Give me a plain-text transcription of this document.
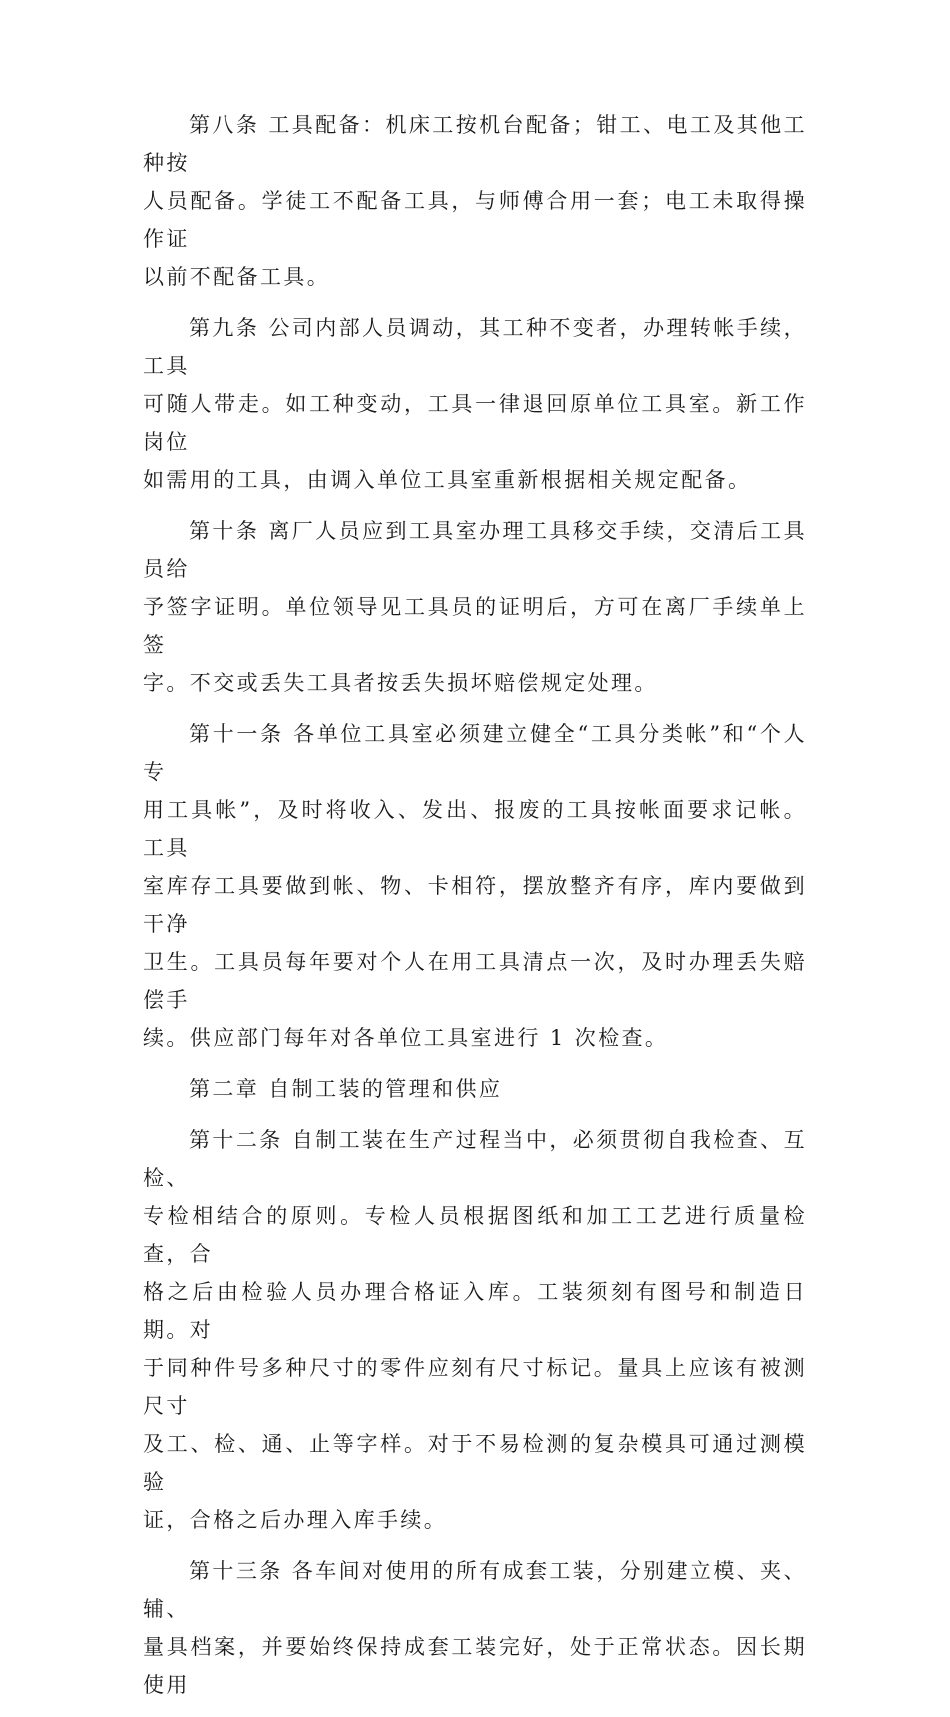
第八条 工具配备：机床工按机台配备；钳工、电工及其他工种按
人员配备。学徒工不配备工具，与师傅合用一套；电工未取得操作证
以前不配备工具。

第九条 公司内部人员调动，其工种不变者，办理转帐手续，工具
可随人带走。如工种变动，工具一律退回原单位工具室。新工作岗位
如需用的工具，由调入单位工具室重新根据相关规定配备。

第十条 离厂人员应到工具室办理工具移交手续，交清后工具员给
予签字证明。单位领导见工具员的证明后，方可在离厂手续单上签
字。不交或丢失工具者按丢失损坏赔偿规定处理。

第十一条 各单位工具室必须建立健全“工具分类帐”和“个人专
用工具帐”，及时将收入、发出、报废的工具按帐面要求记帐。工具
室库存工具要做到帐、物、卡相符，摆放整齐有序，库内要做到干净
卫生。工具员每年要对个人在用工具清点一次，及时办理丢失赔偿手
续。供应部门每年对各单位工具室进行 1 次检查。

第二章 自制工装的管理和供应

第十二条 自制工装在生产过程当中，必须贯彻自我检查、互检、
专检相结合的原则。专检人员根据图纸和加工工艺进行质量检查，合
格之后由检验人员办理合格证入库。工装须刻有图号和制造日期。对
于同种件号多种尺寸的零件应刻有尺寸标记。量具上应该有被测尺寸
及工、检、通、止等字样。对于不易检测的复杂模具可通过测模验
证，合格之后办理入库手续。

第十三条 各车间对使用的所有成套工装，分别建立模、夹、辅、
量具档案，并要始终保持成套工装完好，处于正常状态。因长期使用
